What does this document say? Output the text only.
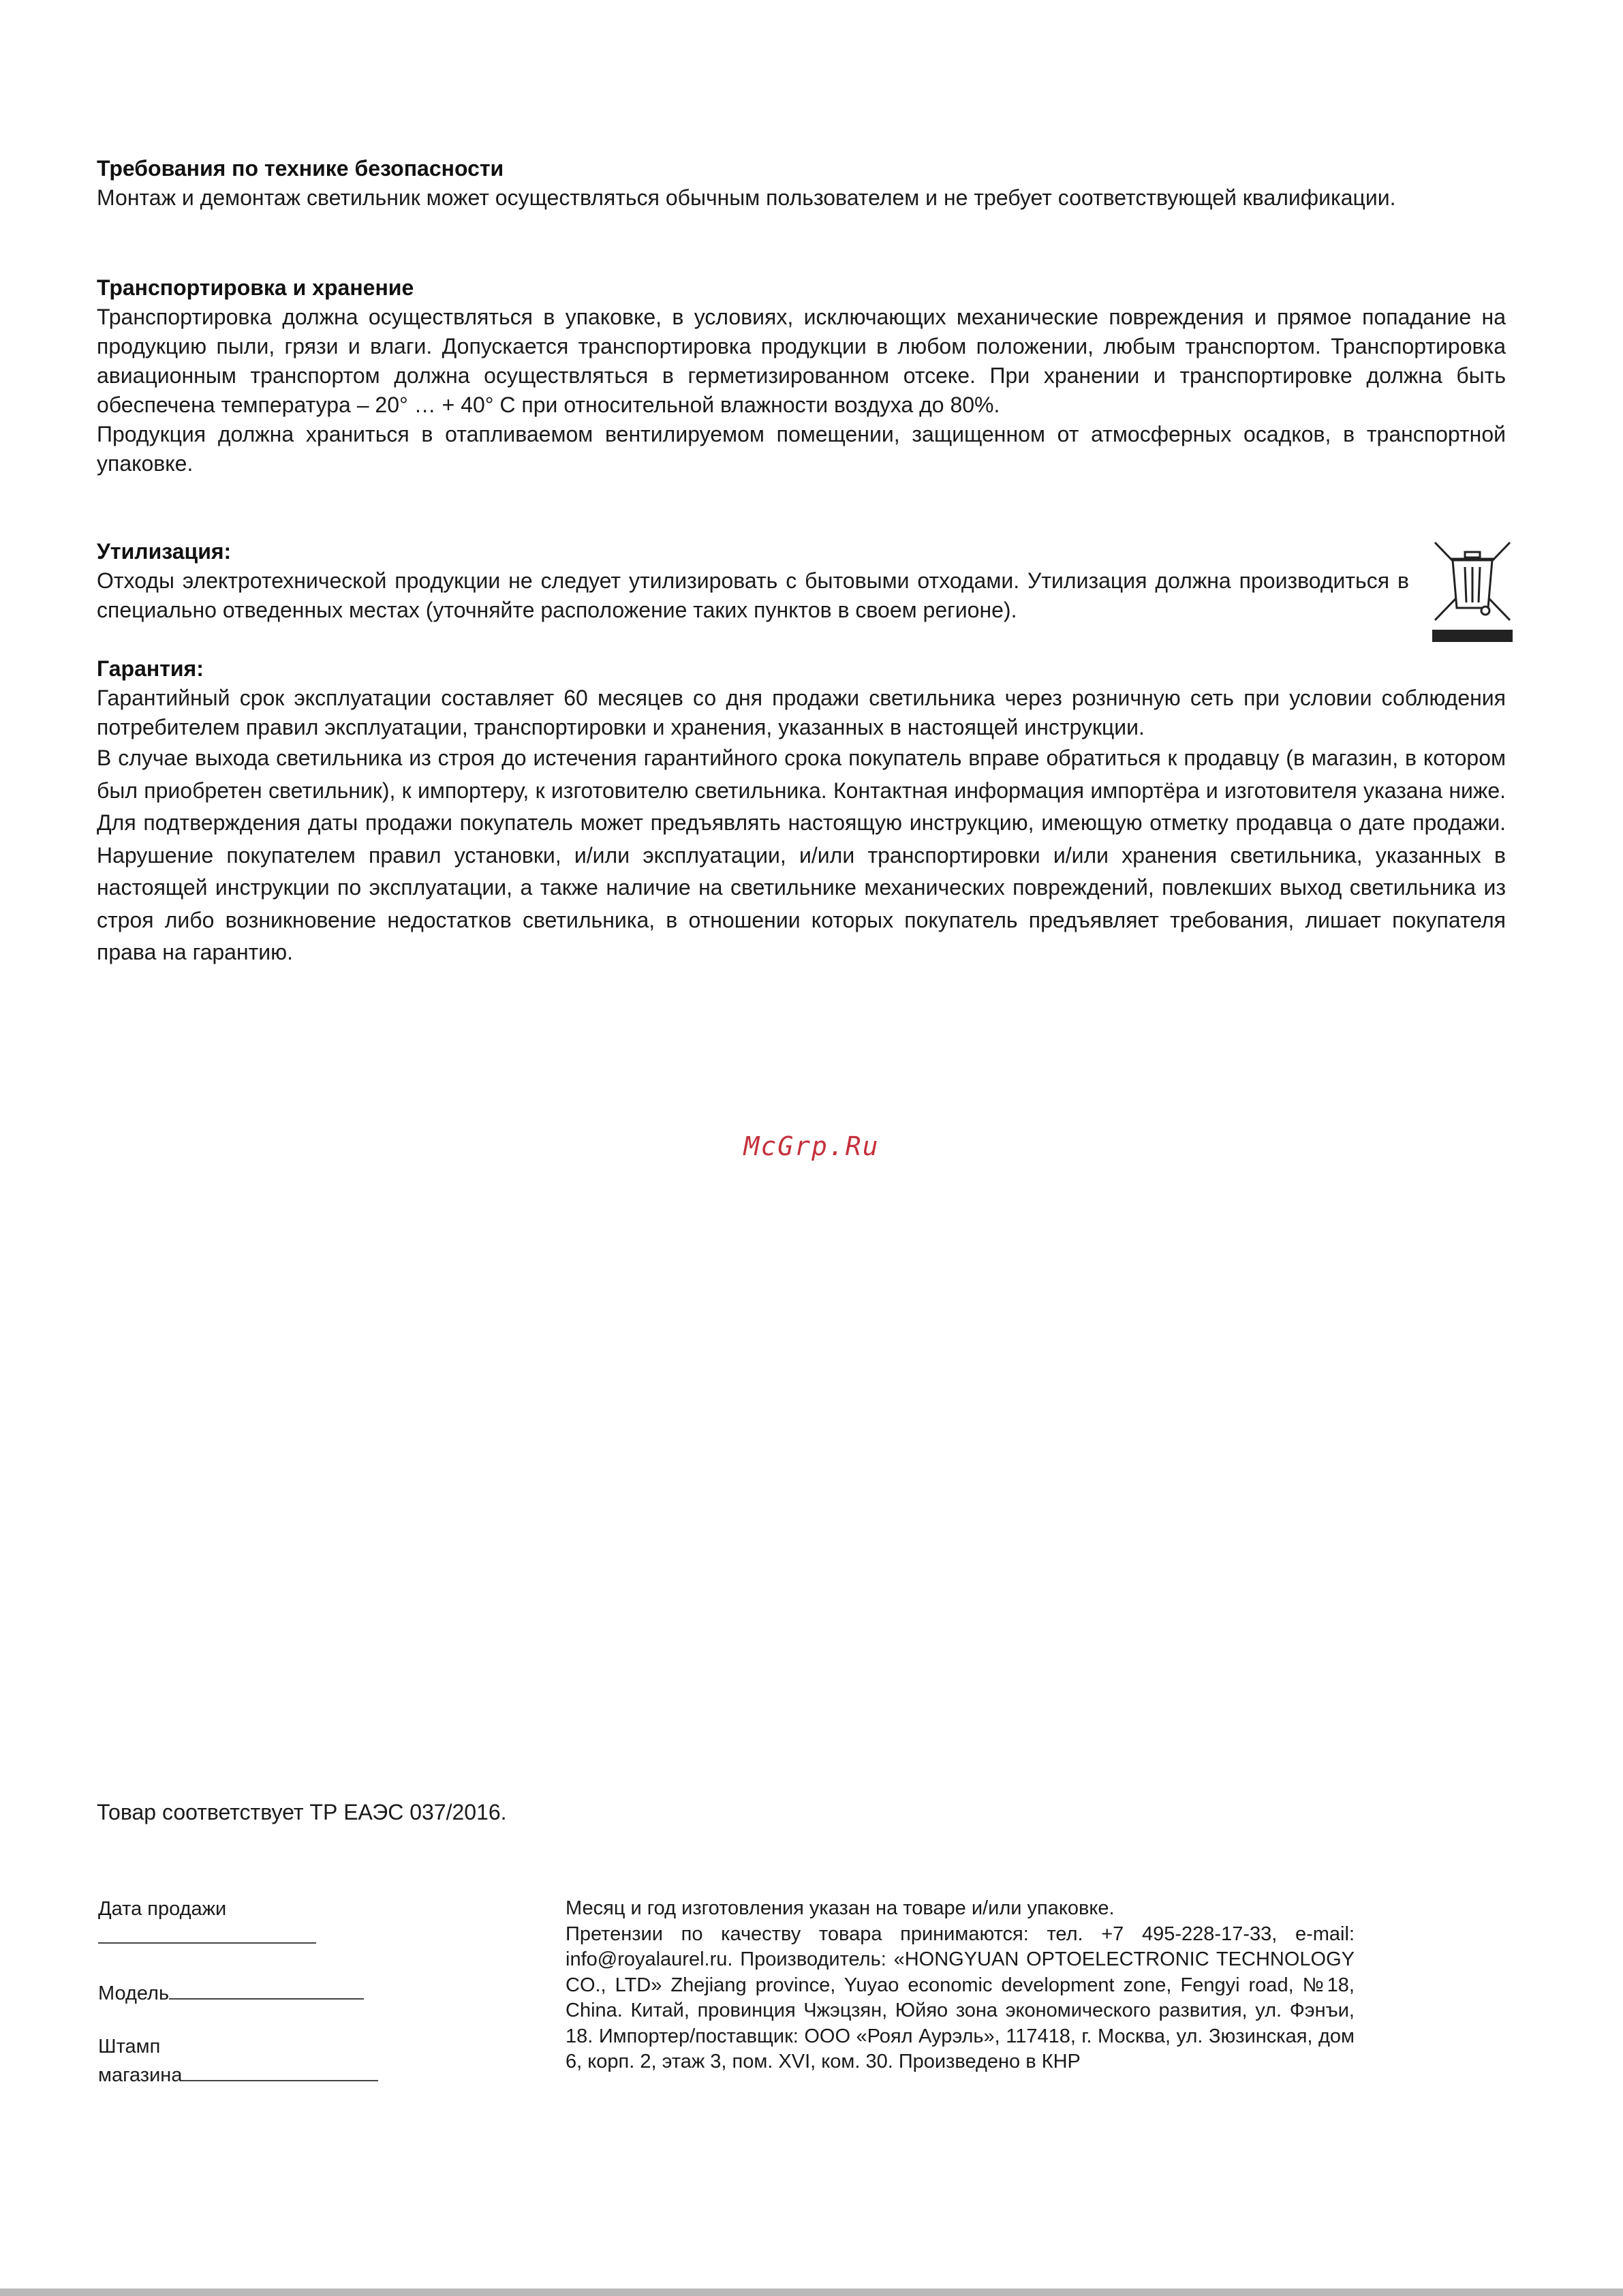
Требования по технике безопасности

Монтаж и демонтаж светильник может осуществляться обычным пользователем и не требует соответствующей квалификации.

Транспортировка и хранение

Транспортировка должна осуществляться в упаковке, в условиях, исключающих механические повреждения и прямое попадание на продукцию пыли, грязи и влаги. Допускается транспортировка продукции в любом положении, любым транспортом. Транспортировка авиационным транспортом должна осуществляться в герметизированном отсеке. При хранении и транспортировке должна быть обеспечена температура – 20° … + 40° С при относительной влажности воздуха до 80%.

Продукция должна храниться в отапливаемом вентилируемом помещении, защищенном от атмосферных осадков, в транспортной упаковке.

Утилизация:

Отходы электротехнической продукции не следует утилизировать с бытовыми отходами. Утилизация должна производиться в специально отведенных местах (уточняйте расположение таких пунктов в своем регионе).

Гарантия:

Гарантийный срок эксплуатации составляет 60 месяцев со дня продажи светильника через розничную сеть при условии соблюдения потребителем правил эксплуатации, транспортировки и хранения, указанных в настоящей инструкции.

В случае выхода светильника из строя до истечения гарантийного срока покупатель вправе обратиться к продавцу (в магазин, в котором был приобретен светильник), к импортеру, к изготовителю светильника. Контактная информация импортёра и изготовителя указана ниже. Для подтверждения даты продажи покупатель может предъявлять настоящую инструкцию, имеющую отметку продавца о дате продажи. Нарушение покупателем правил установки, и/или эксплуатации, и/или транспортировки и/или хранения светильника, указанных в настоящей инструкции по эксплуатации, а также наличие на светильнике механических повреждений, повлекших выход светильника из строя либо возникновение недостатков светильника, в отношении которых покупатель предъявляет требования, лишает покупателя права на гарантию.

McGrp.Ru
Товар соответствует ТР ЕАЭС 037/2016.
Дата продажи

Модель
Штамп
магазина

Месяц и год изготовления указан на товаре и/или упаковке.

Претензии по качеству товара принимаются: тел. +7 495-228-17-33, e-mail: info@royalaurel.ru. Производитель: «HONGYUAN OPTOELECTRONIC TECHNOLOGY CO., LTD» Zhejiang province, Yuyao economic development zone, Fengyi road, №18, China. Китай, провинция Чжэцзян, Юйяо зона экономического развития, ул. Фэнъи, 18. Импортер/поставщик: ООО «Роял Аурэль», 117418, г. Москва, ул. Зюзинская, дом 6, корп. 2, этаж 3, пом. XVI, ком. 30. Произведено в КНР
